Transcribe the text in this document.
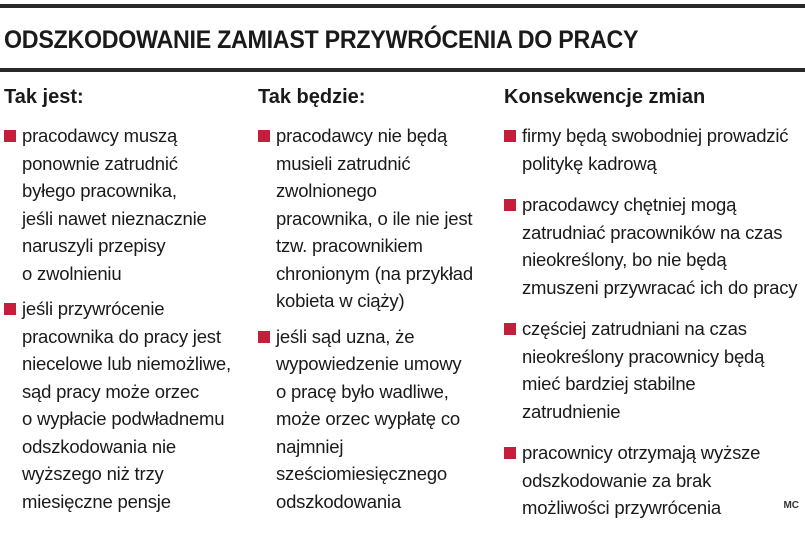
ODSZKODOWANIE ZAMIAST PRZYWRÓCENIA DO PRACY
Tak jest:
pracodawcy muszą
ponownie zatrudnić
byłego pracownika,
jeśli nawet nieznacznie
naruszyli przepisy
o zwolnieniu
jeśli przywrócenie
pracownika do pracy jest
niecelowe lub niemożliwe,
sąd pracy może orzec
o wypłacie podwładnemu
odszkodowania nie
wyższego niż trzy
miesięczne pensje
Tak będzie:
pracodawcy nie będą
musieli zatrudnić
zwolnionego
pracownika, o ile nie jest
tzw. pracownikiem
chronionym (na przykład
kobieta w ciąży)
jeśli sąd uzna, że
wypowiedzenie umowy
o pracę było wadliwe,
może orzec wypłatę co
najmniej
sześciomiesięcznego
odszkodowania
Konsekwencje zmian
firmy będą swobodniej prowadzić
politykę kadrową
pracodawcy chętniej mogą
zatrudniać pracowników na czas
nieokreślony, bo nie będą
zmuszeni przywracać ich do pracy
częściej zatrudniani na czas
nieokreślony pracownicy będą
mieć bardziej stabilne
zatrudnienie
pracownicy otrzymają wyższe
odszkodowanie za brak
możliwości przywrócenia	MC
